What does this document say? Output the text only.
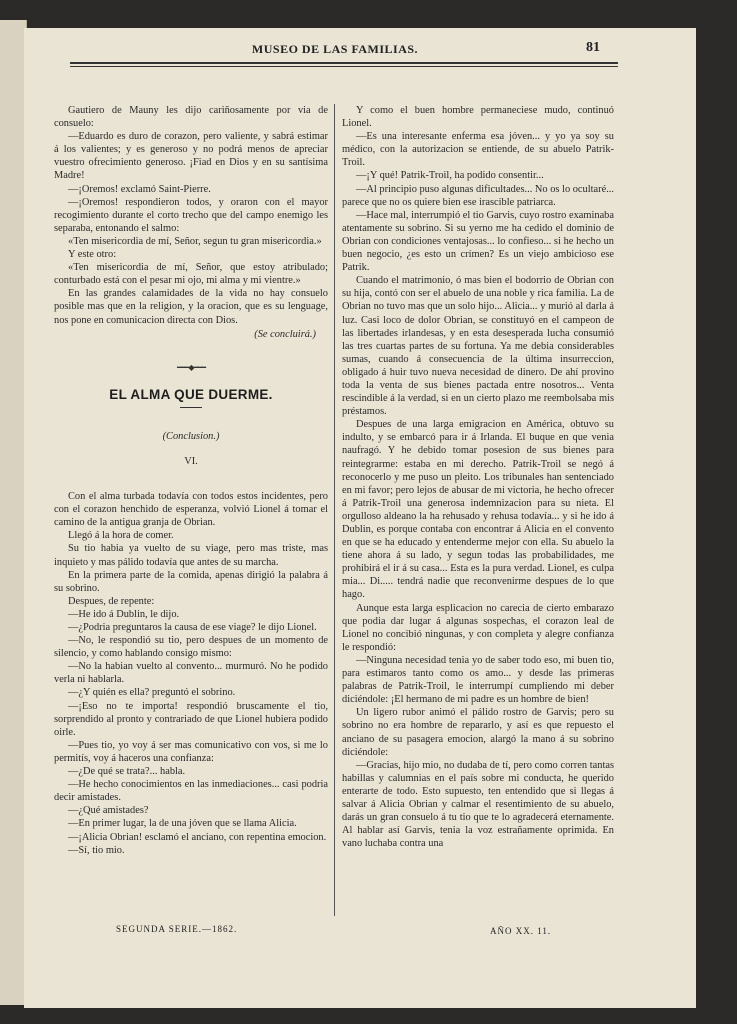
MUSEO DE LAS FAMILIAS.	81

Gautiero de Mauny les dijo cariñosamente por via de consuelo:

—Eduardo es duro de corazon, pero valiente, y sabrá estimar á los valientes; y es generoso y no podrá menos de apreciar vuestro ofrecimiento generoso. ¡Fiad en Dios y en su santísima Madre!

—¡Oremos! exclamó Saint-Pierre.

—¡Oremos! respondieron todos, y oraron con el mayor recogimiento durante el corto trecho que del campo enemigo les separaba, entonando el salmo:

«Ten misericordia de mí, Señor, segun tu gran misericordia.»

Y este otro:

«Ten misericordia de mí, Señor, que estoy atribulado; conturbado está con el pesar mi ojo, mi alma y mi vientre.»

En las grandes calamidades de la vida no hay consuelo posible mas que en la religion, y la oracion, que es su lenguage, nos pone en comunicacion directa con Dios.

(Se concluirá.)
━━━◆━━━
EL ALMA QUE DUERME.
(Conclusion.)
VI.

Con el alma turbada todavía con todos estos incidentes, pero con el corazon henchido de esperanza, volvió Lionel á tomar el camino de la antigua granja de Obrian.

Llegó á la hora de comer.

Su tio habia ya vuelto de su viage, pero mas triste, mas inquieto y mas pálido todavía que antes de su marcha.

En la primera parte de la comida, apenas dirigió la palabra á su sobrino.

Despues, de repente:

—He ido á Dublin, le dijo.

—¿Podria preguntaros la causa de ese viage? le dijo Lionel.

—No, le respondió su tio, pero despues de un momento de silencio, y como hablando consigo mismo:

—No la habian vuelto al convento... murmuró. No he podido verla ni hablarla.

—¿Y quién es ella? preguntó el sobrino.

—¡Eso no te importa! respondió bruscamente el tio, sorprendido al pronto y contrariado de que Lionel hubiera podido oirle.

—Pues tio, yo voy á ser mas comunicativo con vos, si me lo permitís, voy á haceros una confianza:

—¿De qué se trata?... habla.

—He hecho conocimientos en las inmediaciones... casi podria decir amistades.

—¿Qué amistades?

—En primer lugar, la de una jóven que se llama Alicia.

—¡Alicia Obrian! esclamó el anciano, con repentina emocion.

—Sí, tio mio.

Y como el buen hombre permaneciese mudo, continuó Lionel.

—Es una interesante enferma esa jóven... y yo ya soy su médico, con la autorizacion se entiende, de su abuelo Patrik-Troil.

—¡Y qué! Patrik-Troil, ha podido consentir...

—Al principio puso algunas dificultades... No os lo ocultaré... parece que no os quiere bien ese irascible patriarca.

—Hace mal, interrumpió el tio Garvis, cuyo rostro examinaba atentamente su sobrino. Si su yerno me ha cedido el dominio de Obrian con condiciones ventajosas... lo confieso... si he hecho un buen negocio, ¿es esto un crímen? Es un viejo ambicioso ese Patrik.

Cuando el matrimonio, ó mas bien el bodorrio de Obrian con su hija, contó con ser el abuelo de una noble y rica familia. La de Obrian no tuvo mas que un solo hijo... Alicia... y murió al darla á luz. Casi loco de dolor Obrian, se constituyó en el campeon de las libertades irlandesas, y en esta desesperada lucha consumió las tres cuartas partes de su fortuna. Ya me debia considerables sumas, cuando á consecuencia de la última insurreccion, obligado á huir tuvo nueva necesidad de dinero. De ahí provino toda la venta de sus bienes pactada entre nosotros... Venta rescindible á la verdad, si en un cierto plazo me reembolsaba mis préstamos.

Despues de una larga emigracion en América, obtuvo su indulto, y se embarcó para ir á Irlanda. El buque en que venia naufragó. Y he debido tomar posesion de sus bienes para reintegrarme: estaba en mi derecho. Patrik-Troil se negó á reconocerlo y me puso un pleito. Los tribunales han sentenciado en mi favor; pero lejos de abusar de mi victoria, he hecho ofrecer á Patrik-Troil una generosa indemnizacion para su nieta. El orgulloso aldeano la ha rehusado y rehusa todavía... y si he ido á Dublin, es porque contaba con encontrar á Alicia en el convento en que se ha educado y entenderme mejor con ella. Su abuelo la tiene ahora á su lado, y segun todas las probabilidades, me prohibirá el ir á su casa... Esta es la pura verdad. Lionel, es culpa mia... Di..... tendrá nadie que reconvenirme despues de lo que hago.

Aunque esta larga esplicacion no carecia de cierto embarazo que podia dar lugar á algunas sospechas, el corazon leal de Lionel no concibió ningunas, y con completa y alegre confianza le respondió:

—Ninguna necesidad tenia yo de saber todo eso, mi buen tio, para estimaros tanto como os amo... y desde las primeras palabras de Patrik-Troil, le interrumpí cumpliendo mi deber diciéndole: ¡El hermano de mi padre es un hombre de bien!

Un ligero rubor animó el pálido rostro de Garvis; pero su sobrino no era hombre de repararlo, y así es que repuesto el anciano de su pasagera emocion, alargó la mano á su sobrino diciéndole:

—Gracias, hijo mio, no dudaba de tí, pero como corren tantas habillas y calumnias en el país sobre mi conducta, he querido enterarte de todo. Esto supuesto, ten entendido que si llegas á salvar á Alicia Obrian y calmar el resentimiento de su abuelo, darás un gran consuelo á tu tio que te lo agradecerá eternamente. Al hablar así Garvis, tenia la voz estrañamente oprimida. En vano luchaba contra una

SEGUNDA SERIE.—1862.	AÑO XX. 11.
